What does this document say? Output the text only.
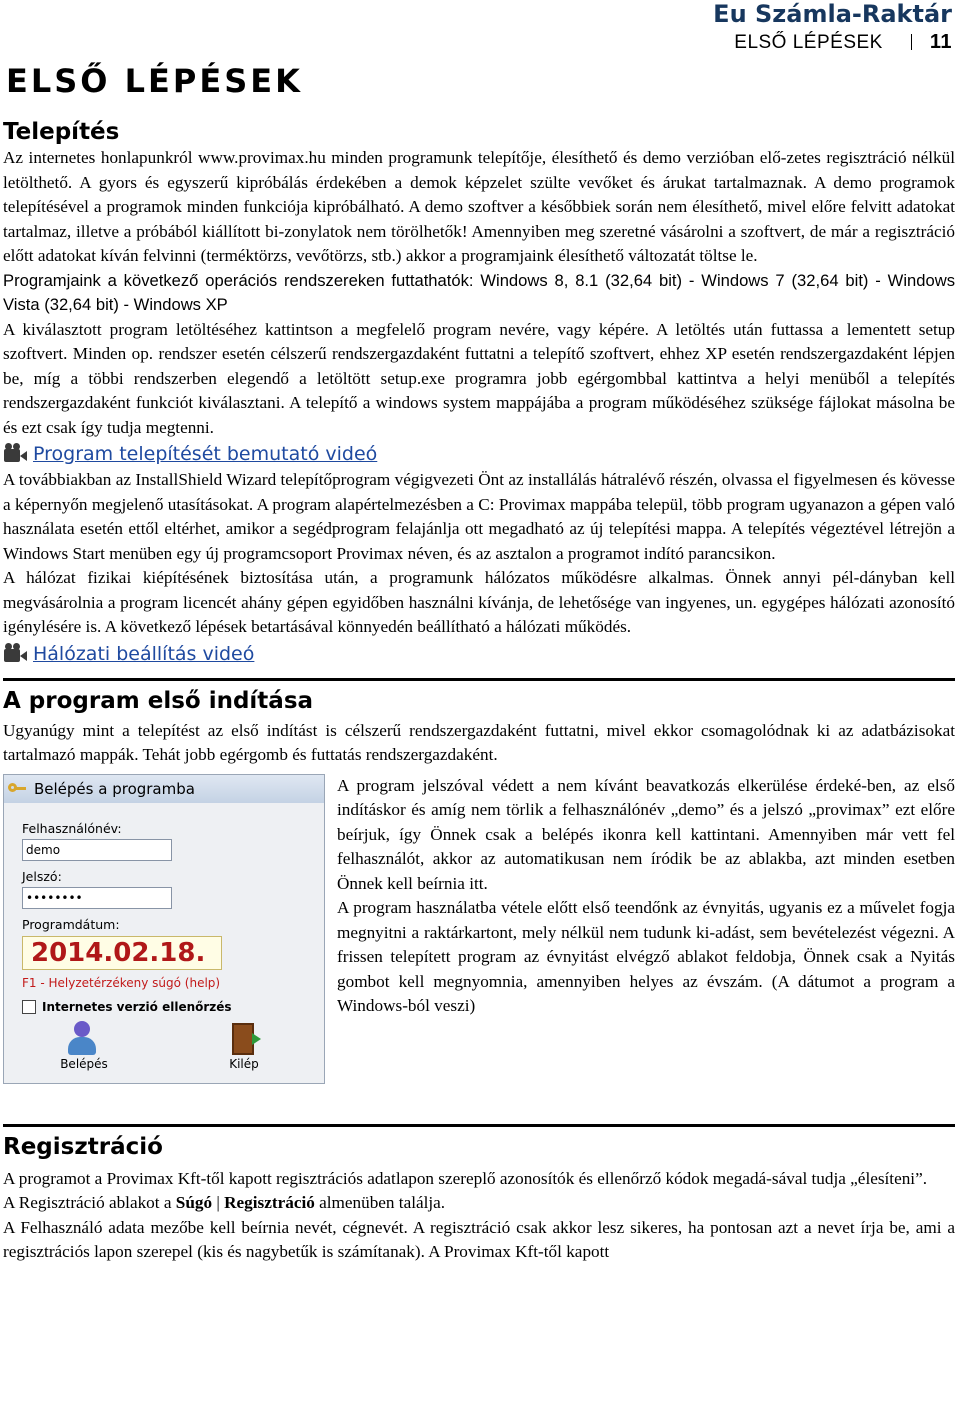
Eu Számla-Raktár
ELSŐ LÉPÉSEK 11
ELSŐ LÉPÉSEK
Telepítés

Az internetes honlapunkról www.provimax.hu minden programunk telepítője, élesíthető és demo verzióban elő-zetes regisztráció nélkül letölthető. A gyors és egyszerű kipróbálás érdekében a demok képzelet szülte vevőket és árukat tartalmaznak. A demo programok telepítésével a programok minden funkciója kipróbálható. A demo szoftver a későbbiek során nem élesíthető, mivel előre felvitt adatokat tartalmaz, illetve a próbából kiállított bi-zonylatok nem törölhetők! Amennyiben meg szeretné vásárolni a szoftvert, de már a regisztráció előtt adatokat kíván felvinni (terméktörzs, vevőtörzs, stb.) akkor a programjaink élesíthető változatát töltse le.

Programjaink a következő operációs rendszereken futtathatók: Windows 8, 8.1 (32,64 bit) - Windows 7 (32,64 bit) - Windows Vista (32,64 bit) - Windows XP

A kiválasztott program letöltéséhez kattintson a megfelelő program nevére, vagy képére. A letöltés után futtassa a lementett setup szoftvert. Minden op. rendszer esetén célszerű rendszergazdaként futtatni a telepítő szoftvert, ehhez XP esetén rendszergazdaként lépjen be, míg a többi rendszerben elegendő a letöltött setup.exe programra jobb egérgombbal kattintva a helyi menüből a telepítés rendszergazdaként funkciót kiválasztani. A telepítő a windows system mappájába a program működéséhez szüksége fájlokat másolna be és ezt csak így tudja megtenni.

Program telepítését bemutató videó

A továbbiakban az InstallShield Wizard telepítőprogram végigvezeti Önt az installálás hátralévő részén, olvassa el figyelmesen és kövesse a képernyőn megjelenő utasításokat. A program alapértelmezésben a C: Provimax mappába települ, több program ugyanazon a gépen való használata esetén ettől eltérhet, amikor a segédprogram felajánlja ott megadható az új telepítési mappa. A telepítés végeztével létrejön a Windows Start menüben egy új programcsoport Provimax néven, és az asztalon a programot indító parancsikon.

A hálózat fizikai kiépítésének biztosítása után, a programunk hálózatos működésre alkalmas. Önnek annyi pél-dányban kell megvásárolnia a program licencét ahány gépen egyidőben használni kívánja, de lehetősége van ingyenes, un. egygépes hálózati azonosító igénylésére is. A következő lépések betartásával könnyedén beállítható a hálózati működés.

Hálózati beállítás videó
A program első indítása

Ugyanúgy mint a telepítést az első indítást is célszerű rendszergazdaként futtatni, mivel ekkor csomagolódnak ki az adatbázisokat tartalmazó mappák. Tehát jobb egérgomb és futtatás rendszergazdaként.

Belépés a programba
Felhasználónév:
demo
Jelszó:
••••••••
Programdátum:
2014.02.18.
F1 - Helyzetérzékeny súgó (help)
Internetes verzió ellenőrzés
Belépés	Kilép

A program jelszóval védett a nem kívánt beavatkozás elkerülése érdeké-ben, az első indításkor és amíg nem törlik a felhasználónév „demo” és a jelszó „provimax” ezt előre beírjuk, így Önnek csak a belépés ikonra kell kattintani. Amennyiben már vett fel felhasználót, akkor az automatikusan nem íródik be az ablakba, azt minden esetben Önnek kell beírnia itt.

A program használatba vétele előtt első teendőnk az évnyitás, ugyanis ez a művelet fogja megnyitni a raktárkartont, mely nélkül nem tudunk ki-adást, sem bevételezést végezni. A frissen telepített program az évnyitást elvégző ablakot feldobja, Önnek csak a Nyitás gombot kell megnyomnia, amennyiben helyes az évszám. (A dátumot a program a Windows-ból veszi)

Regisztráció

A programot a Provimax Kft-től kapott regisztrációs adatlapon szereplő azonosítók és ellenőrző kódok megadá-sával tudja „élesíteni”.

A Regisztráció ablakot a Súgó | Regisztráció almenüben találja.

A Felhasználó adata mezőbe kell beírnia nevét, cégnevét. A regisztráció csak akkor lesz sikeres, ha pontosan azt a nevet írja be, ami a regisztrációs lapon szerepel (kis és nagybetűk is számítanak). A Provimax Kft-től kapott
